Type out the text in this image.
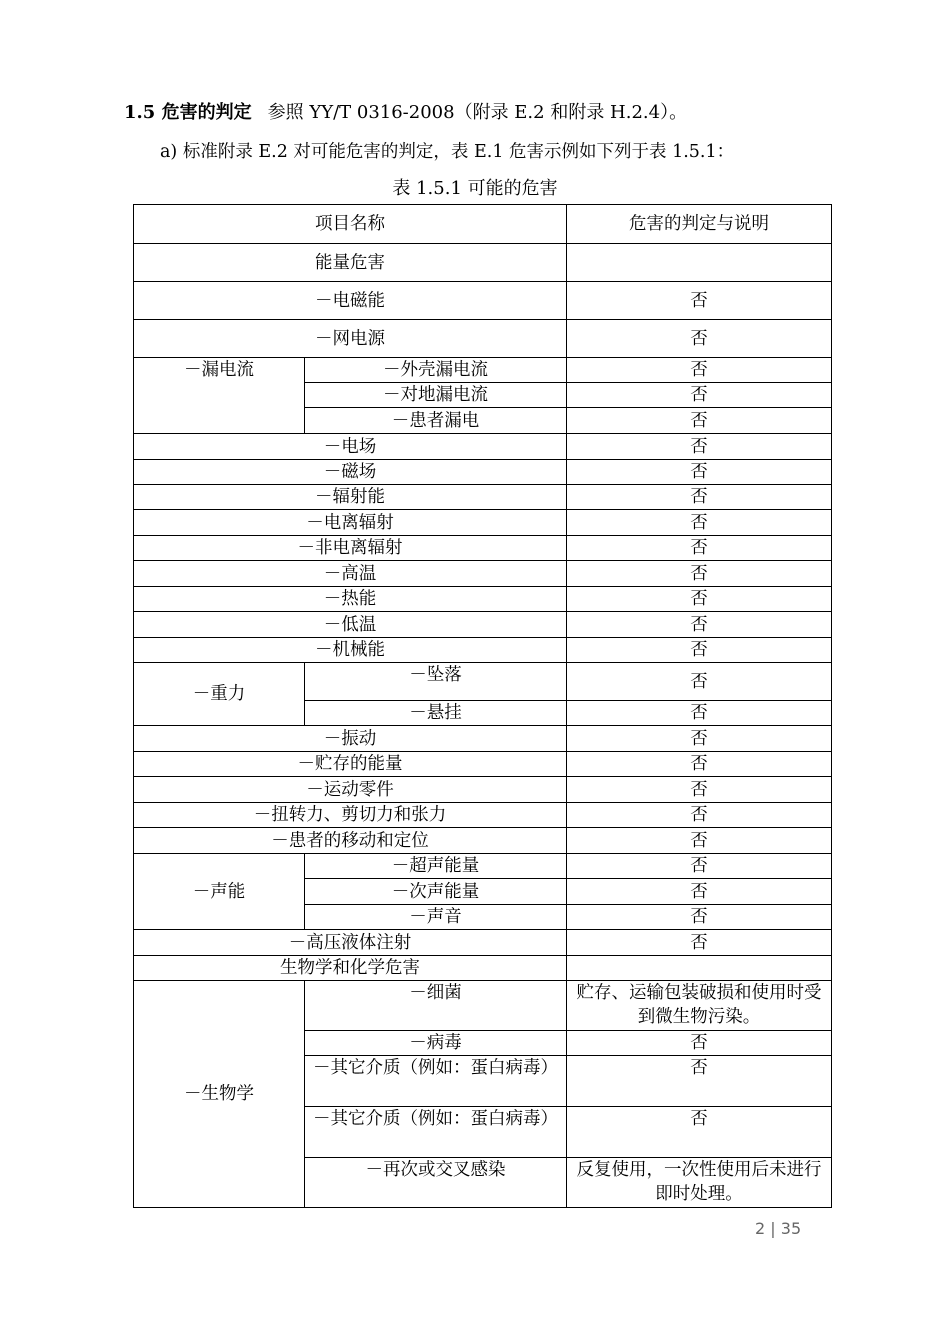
1.5 危害的判定 参照 YY/T 0316-2008（附录 E.2 和附录 H.2.4）。
a) 标准附录 E.2 对可能危害的判定，表 E.1 危害示例如下列于表 1.5.1：
表 1.5.1 可能的危害
项目名称		危害的判定与说明
能量危害		
－电磁能		否
－网电源		否
－漏电流	－外壳漏电流	否
	－对地漏电流	否
	－患者漏电	否
－电场		否
－磁场		否
－辐射能		否
－电离辐射		否
－非电离辐射		否
－高温		否
－热能		否
－低温		否
－机械能		否
－重力	－坠落	否
	－悬挂	否
－振动		否
－贮存的能量		否
－运动零件		否
－扭转力、剪切力和张力		否
－患者的移动和定位		否
－声能	－超声能量	否
	－次声能量	否
	－声音	否
－高压液体注射		否
生物学和化学危害		
－生物学	－细菌	贮存、运输包装破损和使用时受到微生物污染。
	－病毒	否
	－其它介质（例如：蛋白病毒）	否
	－其它介质（例如：蛋白病毒）	否
	－再次或交叉感染	反复使用，一次性使用后未进行即时处理。
2 | 35
